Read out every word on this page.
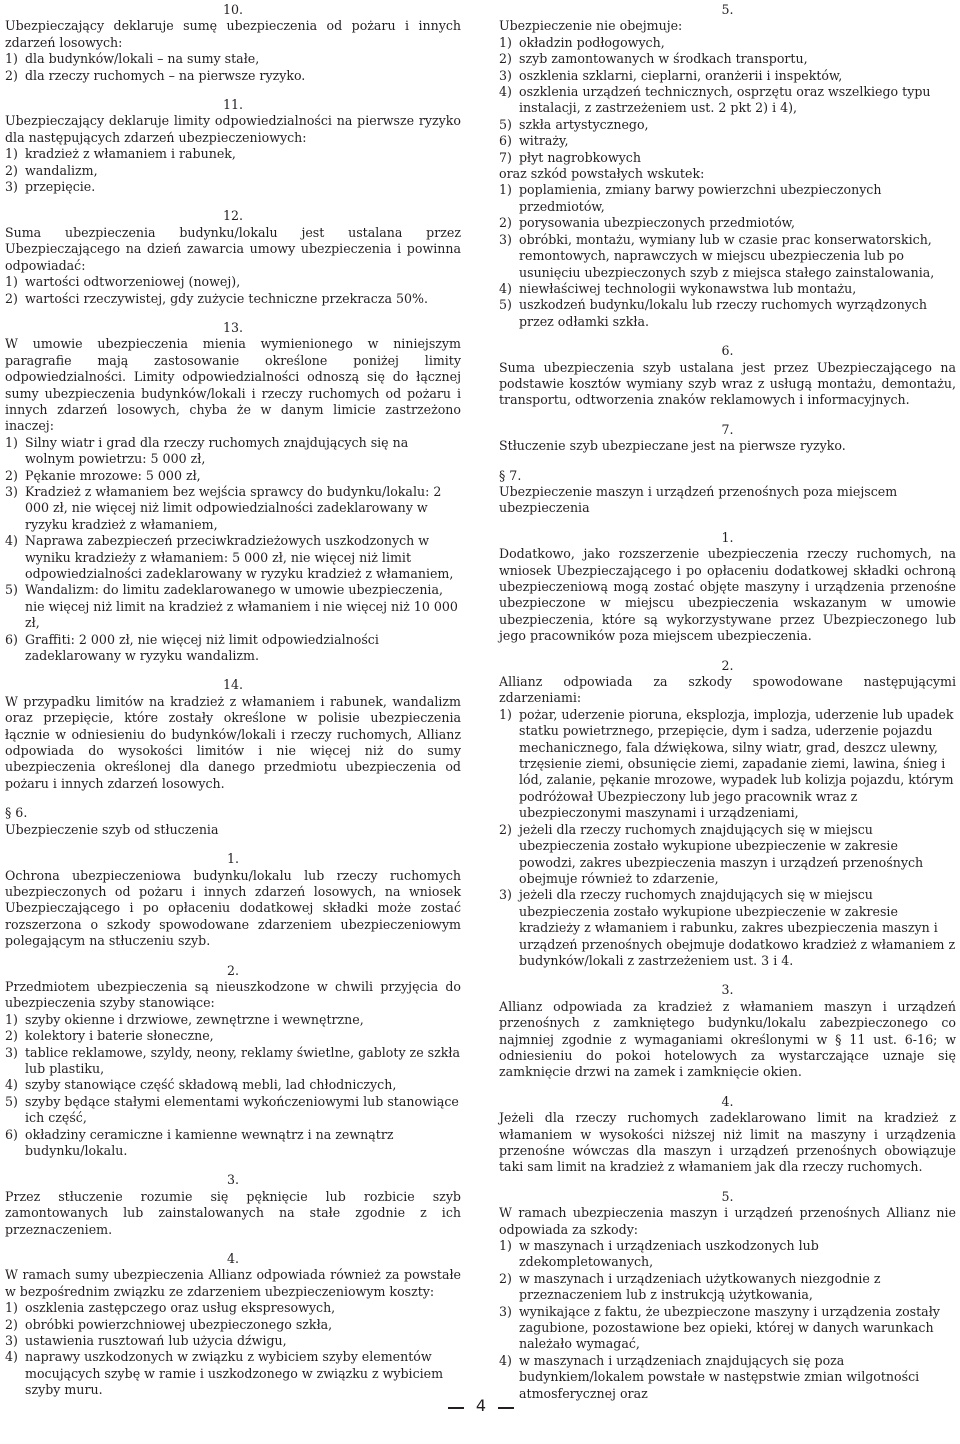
10.

Ubezpieczający deklaruje sumę ubezpieczenia od pożaru i innych zdarzeń losowych:

1) dla budynków/lokali – na sumy stałe,
2) dla rzeczy ruchomych – na pierwsze ryzyko.

11.

Ubezpieczający deklaruje limity odpowiedzialności na pierwsze ryzyko dla następujących zdarzeń ubezpieczeniowych:

1) kradzież z włamaniem i rabunek,
2) wandalizm,
3) przepięcie.

12.

Suma ubezpieczenia budynku/lokalu jest ustalana przez Ubezpieczającego na dzień zawarcia umowy ubezpieczenia i powinna odpowiadać:

1) wartości odtworzeniowej (nowej),
2) wartości rzeczywistej, gdy zużycie techniczne przekracza 50%.

13.

W umowie ubezpieczenia mienia wymienionego w niniejszym paragrafie mają zastosowanie określone poniżej limity odpowiedzialności. Limity odpowiedzialności odnoszą się do łącznej sumy ubezpieczenia budynków/lokali i rzeczy ruchomych od pożaru i innych zdarzeń losowych, chyba że w danym limicie zastrzeżono inaczej:

1) Silny wiatr i grad dla rzeczy ruchomych znajdujących się na wolnym powietrzu: 5 000 zł,
2) Pękanie mrozowe: 5 000 zł,
3) Kradzież z włamaniem bez wejścia sprawcy do budynku/lokalu: 2 000 zł, nie więcej niż limit odpowiedzialności zadeklarowany w ryzyku kradzież z włamaniem,
4) Naprawa zabezpieczeń przeciwkradzieżowych uszkodzonych w wyniku kradzieży z włamaniem: 5 000 zł, nie więcej niż limit odpowiedzialności zadeklarowany w ryzyku kradzież z włamaniem,
5) Wandalizm: do limitu zadeklarowanego w umowie ubezpieczenia, nie więcej niż limit na kradzież z włamaniem i nie więcej niż 10 000 zł,
6) Graffiti: 2 000 zł, nie więcej niż limit odpowiedzialności zadeklarowany w ryzyku wandalizm.

14.

W przypadku limitów na kradzież z włamaniem i rabunek, wandalizm oraz przepięcie, które zostały określone w polisie ubezpieczenia łącznie w odniesieniu do budynków/lokali i rzeczy ruchomych, Allianz odpowiada do wysokości limitów i nie więcej niż do sumy ubezpieczenia określonej dla danego przedmiotu ubezpieczenia od pożaru i innych zdarzeń losowych.

§ 6.

Ubezpieczenie szyb od stłuczenia

1.

Ochrona ubezpieczeniowa budynku/lokalu lub rzeczy ruchomych ubezpieczonych od pożaru i innych zdarzeń losowych, na wniosek Ubezpieczającego i po opłaceniu dodatkowej składki może zostać rozszerzona o szkody spowodowane zdarzeniem ubezpieczeniowym polegającym na stłuczeniu szyb.

2.

Przedmiotem ubezpieczenia są nieuszkodzone w chwili przyjęcia do ubezpieczenia szyby stanowiące:

1) szyby okienne i drzwiowe, zewnętrzne i wewnętrzne,
2) kolektory i baterie słoneczne,
3) tablice reklamowe, szyldy, neony, reklamy świetlne, gabloty ze szkła lub plastiku,
4) szyby stanowiące część składową mebli, lad chłodniczych,
5) szyby będące stałymi elementami wykończeniowymi lub stanowiące ich część,
6) okładziny ceramiczne i kamienne wewnątrz i na zewnątrz budynku/lokalu.

3.

Przez stłuczenie rozumie się pęknięcie lub rozbicie szyb zamontowanych lub zainstalowanych na stałe zgodnie z ich przeznaczeniem.

4.

W ramach sumy ubezpieczenia Allianz odpowiada również za powstałe w bezpośrednim związku ze zdarzeniem ubezpieczeniowym koszty:

1) oszklenia zastępczego oraz usług ekspresowych,
2) obróbki powierzchniowej ubezpieczonego szkła,
3) ustawienia rusztowań lub użycia dźwigu,
4) naprawy uszkodzonych w związku z wybiciem szyby elementów mocujących szybę w ramie i uszkodzonego w związku z wybiciem szyby muru.

5.

Ubezpieczenie nie obejmuje:

1) okładzin podłogowych,
2) szyb zamontowanych w środkach transportu,
3) oszklenia szklarni, cieplarni, oranżerii i inspektów,
4) oszklenia urządzeń technicznych, osprzętu oraz wszelkiego typu instalacji, z zastrzeżeniem ust. 2 pkt 2) i 4),
5) szkła artystycznego,
6) witraży,
7) płyt nagrobkowych

oraz szkód powstałych wskutek:

1) poplamienia, zmiany barwy powierzchni ubezpieczonych przedmiotów,
2) porysowania ubezpieczonych przedmiotów,
3) obróbki, montażu, wymiany lub w czasie prac konserwatorskich, remontowych, naprawczych w miejscu ubezpieczenia lub po usunięciu ubezpieczonych szyb z miejsca stałego zainstalowania,
4) niewłaściwej technologii wykonawstwa lub montażu,
5) uszkodzeń budynku/lokalu lub rzeczy ruchomych wyrządzonych przez odłamki szkła.

6.

Suma ubezpieczenia szyb ustalana jest przez Ubezpieczającego na podstawie kosztów wymiany szyb wraz z usługą montażu, demontażu, transportu, odtworzenia znaków reklamowych i informacyjnych.

7.

Stłuczenie szyb ubezpieczane jest na pierwsze ryzyko.

§ 7.

Ubezpieczenie maszyn i urządzeń przenośnych poza miejscem ubezpieczenia

1.

Dodatkowo, jako rozszerzenie ubezpieczenia rzeczy ruchomych, na wniosek Ubezpieczającego i po opłaceniu dodatkowej składki ochroną ubezpieczeniową mogą zostać objęte maszyny i urządzenia przenośne ubezpieczone w miejscu ubezpieczenia wskazanym w umowie ubezpieczenia, które są wykorzystywane przez Ubezpieczonego lub jego pracowników poza miejscem ubezpieczenia.

2.

Allianz odpowiada za szkody spowodowane następującymi zdarzeniami:

1) pożar, uderzenie pioruna, eksplozja, implozja, uderzenie lub upadek statku powietrznego, przepięcie, dym i sadza, uderzenie pojazdu mechanicznego, fala dźwiękowa, silny wiatr, grad, deszcz ulewny, trzęsienie ziemi, obsunięcie ziemi, zapadanie ziemi, lawina, śnieg i lód, zalanie, pękanie mrozowe, wypadek lub kolizja pojazdu, którym podróżował Ubezpieczony lub jego pracownik wraz z ubezpieczonymi maszynami i urządzeniami,
2) jeżeli dla rzeczy ruchomych znajdujących się w miejscu ubezpieczenia zostało wykupione ubezpieczenie w zakresie powodzi, zakres ubezpieczenia maszyn i urządzeń przenośnych obejmuje również to zdarzenie,
3) jeżeli dla rzeczy ruchomych znajdujących się w miejscu ubezpieczenia zostało wykupione ubezpieczenie w zakresie kradzieży z włamaniem i rabunku, zakres ubezpieczenia maszyn i urządzeń przenośnych obejmuje dodatkowo kradzież z włamaniem z budynków/lokali z zastrzeżeniem ust. 3 i 4.

3.

Allianz odpowiada za kradzież z włamaniem maszyn i urządzeń przenośnych z zamkniętego budynku/lokalu zabezpieczonego co najmniej zgodnie z wymaganiami określonymi w § 11 ust. 6-16; w odniesieniu do pokoi hotelowych za wystarczające uznaje się zamknięcie drzwi na zamek i zamknięcie okien.

4.

Jeżeli dla rzeczy ruchomych zadeklarowano limit na kradzież z włamaniem w wysokości niższej niż limit na maszyny i urządzenia przenośne wówczas dla maszyn i urządzeń przenośnych obowiązuje taki sam limit na kradzież z włamaniem jak dla rzeczy ruchomych.

5.

W ramach ubezpieczenia maszyn i urządzeń przenośnych Allianz nie odpowiada za szkody:

1) w maszynach i urządzeniach uszkodzonych lub zdekompletowanych,
2) w maszynach i urządzeniach użytkowanych niezgodnie z przeznaczeniem lub z instrukcją użytkowania,
3) wynikające z faktu, że ubezpieczone maszyny i urządzenia zostały zagubione, pozostawione bez opieki, której w danych warunkach należało wymagać,
4) w maszynach i urządzeniach znajdujących się poza budynkiem/lokalem powstałe w następstwie zmian wilgotności atmosferycznej oraz
4
